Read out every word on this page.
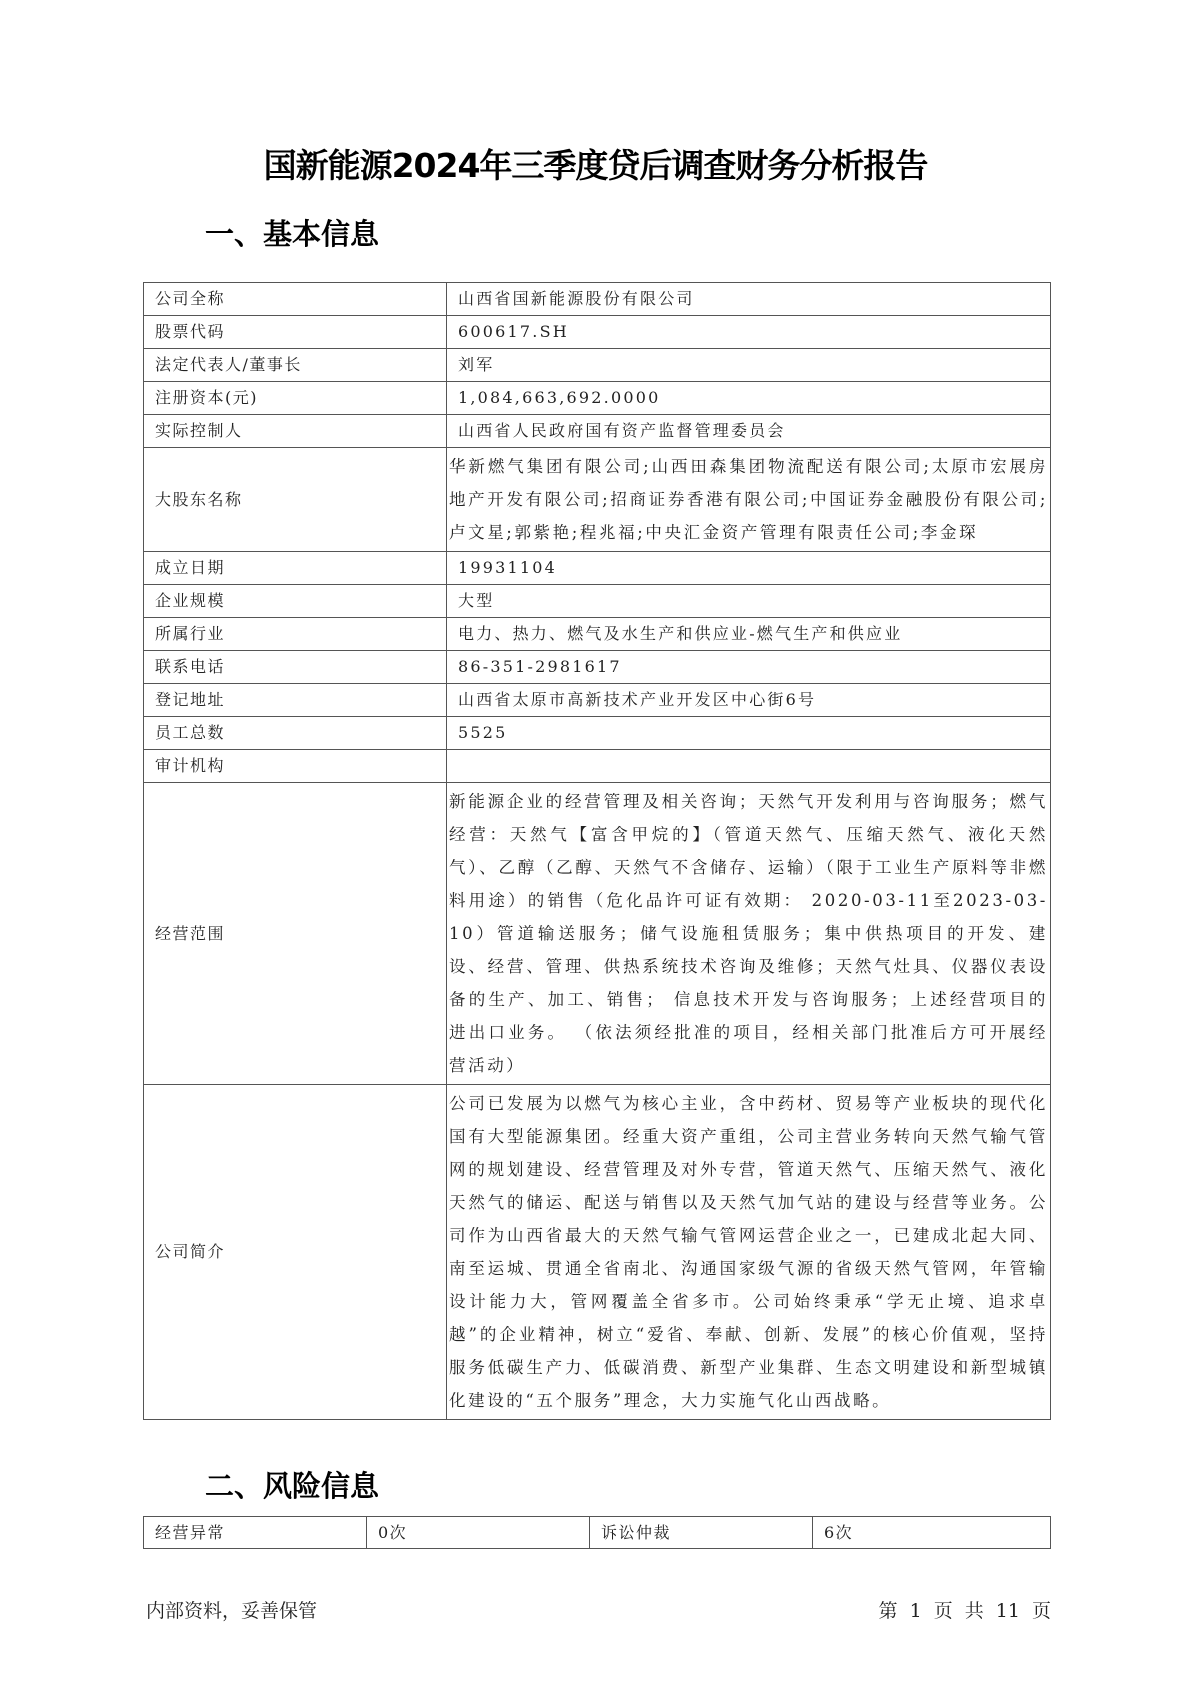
国新能源2024年三季度贷后调查财务分析报告
一、基本信息
公司全称	山西省国新能源股份有限公司
股票代码	600617.SH
法定代表人/董事长	刘军
注册资本(元)	1,084,663,692.0000
实际控制人	山西省人民政府国有资产监督管理委员会
大股东名称	华新燃气集团有限公司;山西田森集团物流配送有限公司;太原市宏展房地产开发有限公司;招商证券香港有限公司;中国证券金融股份有限公司;卢文星;郭紫艳;程兆福;中央汇金资产管理有限责任公司;李金琛
成立日期	19931104
企业规模	大型
所属行业	电力、热力、燃气及水生产和供应业-燃气生产和供应业
联系电话	86-351-2981617
登记地址	山西省太原市高新技术产业开发区中心街6号
员工总数	5525
审计机构	
经营范围	新能源企业的经营管理及相关咨询；天然气开发利用与咨询服务；燃气经营：天然气【富含甲烷的】（管道天然气、压缩天然气、液化天然气）、乙醇（乙醇、天然气不含储存、运输）（限于工业生产原料等非燃料用途）的销售（危化品许可证有效期： 2020-03-11至2023-03-10）管道输送服务；储气设施租赁服务；集中供热项目的开发、建设、经营、管理、供热系统技术咨询及维修；天然气灶具、仪器仪表设备的生产、加工、销售； 信息技术开发与咨询服务；上述经营项目的进出口业务。 （依法须经批准的项目，经相关部门批准后方可开展经营活动）
公司简介	公司已发展为以燃气为核心主业，含中药材、贸易等产业板块的现代化国有大型能源集团。经重大资产重组，公司主营业务转向天然气输气管网的规划建设、经营管理及对外专营，管道天然气、压缩天然气、液化天然气的储运、配送与销售以及天然气加气站的建设与经营等业务。公司作为山西省最大的天然气输气管网运营企业之一，已建成北起大同、南至运城、贯通全省南北、沟通国家级气源的省级天然气管网，年管输设计能力大，管网覆盖全省多市。公司始终秉承“学无止境、追求卓越”的企业精神，树立“爱省、奉献、创新、发展”的核心价值观，坚持服务低碳生产力、低碳消费、新型产业集群、生态文明建设和新型城镇化建设的“五个服务”理念，大力实施气化山西战略。
二、风险信息
经营异常	0次	诉讼仲裁	6次
内部资料，妥善保管	第 1 页 共 11 页
